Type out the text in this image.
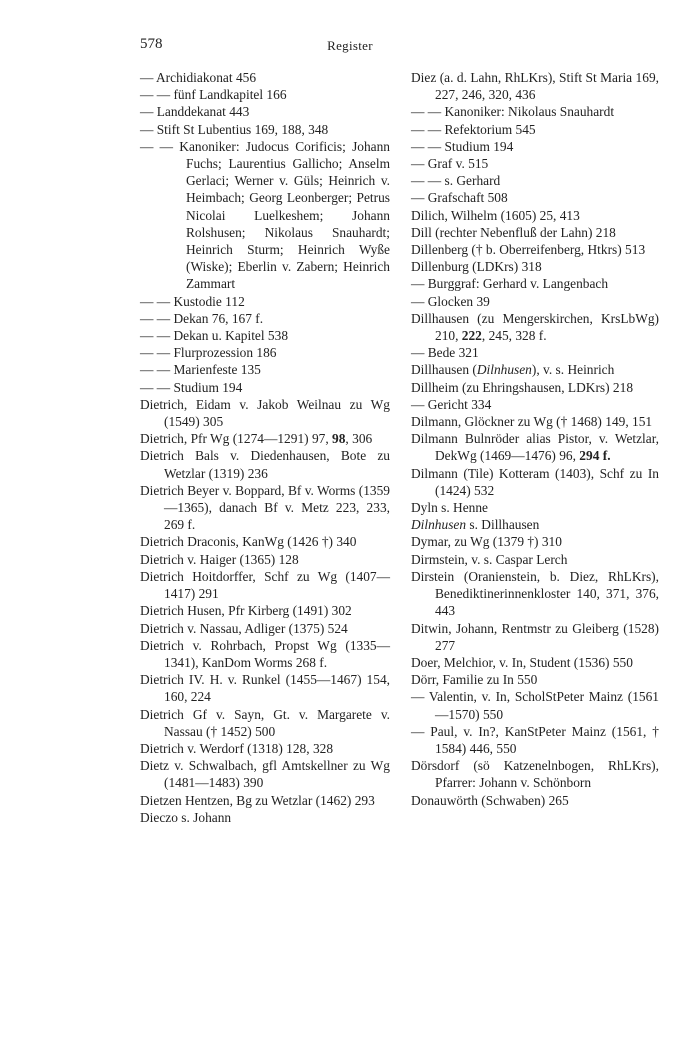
578	Register
— Archidiakonat 456
— — fünf Landkapitel 166
— Landdekanat 443
— Stift St Lubentius 169, 188, 348
— — Kanoniker: Judocus Corificis; Johann Fuchs; Laurentius Gallicho; Anselm Gerlaci; Werner v. Güls; Heinrich v. Heimbach; Georg Leonberger; Petrus Nicolai Luelkeshem; Johann Rolshusen; Nikolaus Snauhardt; Heinrich Sturm; Heinrich Wyße (Wiske); Eberlin v. Zabern; Heinrich Zammart
— — Kustodie 112
— — Dekan 76, 167 f.
— — Dekan u. Kapitel 538
— — Flurprozession 186
— — Marienfeste 135
— — Studium 194
Dietrich, Eidam v. Jakob Weilnau zu Wg (1549) 305
Dietrich, Pfr Wg (1274—1291) 97, 98, 306
Dietrich Bals v. Diedenhausen, Bote zu Wetzlar (1319) 236
Dietrich Beyer v. Boppard, Bf v. Worms (1359—1365), danach Bf v. Metz 223, 233, 269 f.
Dietrich Draconis, KanWg (1426 †) 340
Dietrich v. Haiger (1365) 128
Dietrich Hoitdorffer, Schf zu Wg (1407—1417) 291
Dietrich Husen, Pfr Kirberg (1491) 302
Dietrich v. Nassau, Adliger (1375) 524
Dietrich v. Rohrbach, Propst Wg (1335—1341), KanDom Worms 268 f.
Dietrich IV. H. v. Runkel (1455—1467) 154, 160, 224
Dietrich Gf v. Sayn, Gt. v. Margarete v. Nassau († 1452) 500
Dietrich v. Werdorf (1318) 128, 328
Dietz v. Schwalbach, gfl Amtskellner zu Wg (1481—1483) 390
Dietzen Hentzen, Bg zu Wetzlar (1462) 293
Dieczo s. Johann
Diez (a. d. Lahn, RhLKrs), Stift St Maria 169, 227, 246, 320, 436
— — Kanoniker: Nikolaus Snauhardt
— — Refektorium 545
— — Studium 194
— Graf v. 515
— — s. Gerhard
— Grafschaft 508
Dilich, Wilhelm (1605) 25, 413
Dill (rechter Nebenfluß der Lahn) 218
Dillenberg († b. Oberreifenberg, Htkrs) 513
Dillenburg (LDKrs) 318
— Burggraf: Gerhard v. Langenbach
— Glocken 39
Dillhausen (zu Mengerskirchen, KrsLbWg) 210, 222, 245, 328 f.
— Bede 321
Dillhausen (Dilnhusen), v. s. Heinrich
Dillheim (zu Ehringshausen, LDKrs) 218
— Gericht 334
Dilmann, Glöckner zu Wg († 1468) 149, 151
Dilmann Bulnröder alias Pistor, v. Wetzlar, DekWg (1469—1476) 96, 294 f.
Dilmann (Tile) Kotteram (1403), Schf zu In (1424) 532
Dyln s. Henne
Dilnhusen s. Dillhausen
Dymar, zu Wg (1379 †) 310
Dirmstein, v. s. Caspar Lerch
Dirstein (Oranienstein, b. Diez, RhLKrs), Benediktinerinnenkloster 140, 371, 376, 443
Ditwin, Johann, Rentmstr zu Gleiberg (1528) 277
Doer, Melchior, v. In, Student (1536) 550
Dörr, Familie zu In 550
— Valentin, v. In, ScholStPeter Mainz (1561—1570) 550
— Paul, v. In?, KanStPeter Mainz (1561, † 1584) 446, 550
Dörsdorf (sö Katzenelnbogen, RhLKrs), Pfarrer: Johann v. Schönborn
Donauwörth (Schwaben) 265
